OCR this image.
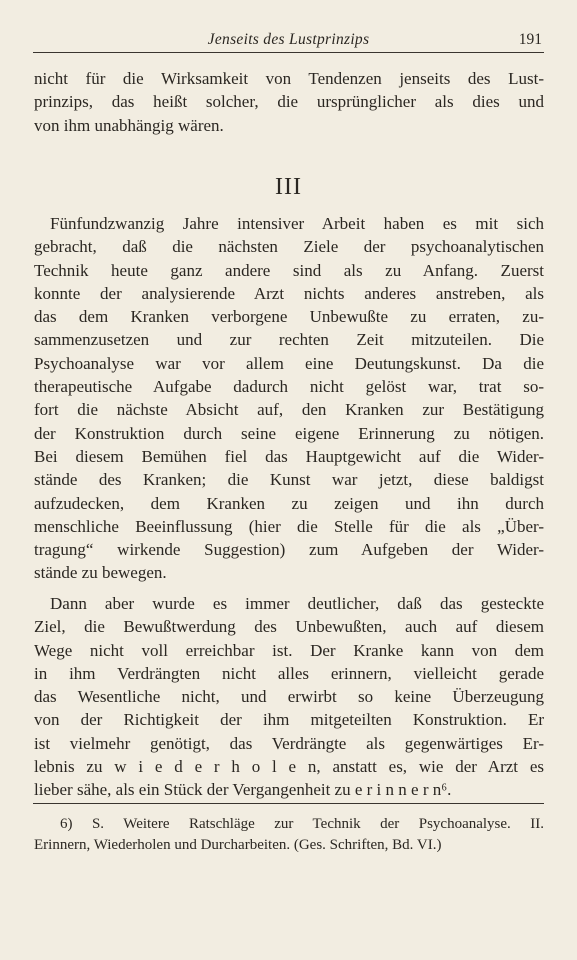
Jenseits des Lustprinzips	191
nicht für die Wirksamkeit von Tendenzen jenseits des Lust-
prinzips, das heißt solcher, die ursprünglicher als dies und
von ihm unabhängig wären.
III
Fünfundzwanzig Jahre intensiver Arbeit haben es mit sich
gebracht, daß die nächsten Ziele der psychoanalytischen
Technik heute ganz andere sind als zu Anfang. Zuerst
konnte der analysierende Arzt nichts anderes anstreben, als
das dem Kranken verborgene Unbewußte zu erraten, zu-
sammenzusetzen und zur rechten Zeit mitzuteilen. Die
Psychoanalyse war vor allem eine Deutungskunst. Da die
therapeutische Aufgabe dadurch nicht gelöst war, trat so-
fort die nächste Absicht auf, den Kranken zur Bestätigung
der Konstruktion durch seine eigene Erinnerung zu nötigen.
Bei diesem Bemühen fiel das Hauptgewicht auf die Wider-
stände des Kranken; die Kunst war jetzt, diese baldigst
aufzudecken, dem Kranken zu zeigen und ihn durch
menschliche Beeinflussung (hier die Stelle für die als „Über-
tragung“ wirkende Suggestion) zum Aufgeben der Wider-
stände zu bewegen.
Dann aber wurde es immer deutlicher, daß das gesteckte
Ziel, die Bewußtwerdung des Unbewußten, auch auf diesem
Wege nicht voll erreichbar ist. Der Kranke kann von dem
in ihm Verdrängten nicht alles erinnern, vielleicht gerade
das Wesentliche nicht, und erwirbt so keine Überzeugung
von der Richtigkeit der ihm mitgeteilten Konstruktion. Er
ist vielmehr genötigt, das Verdrängte als gegenwärtiges Er-
lebnis zu w i e d e r h o l e n, anstatt es, wie der Arzt es
lieber sähe, als ein Stück der Vergangenheit zu e r i n n e r n⁶.
6) S. Weitere Ratschläge zur Technik der Psychoanalyse. II.
Erinnern, Wiederholen und Durcharbeiten. (Ges. Schriften, Bd. VI.)
